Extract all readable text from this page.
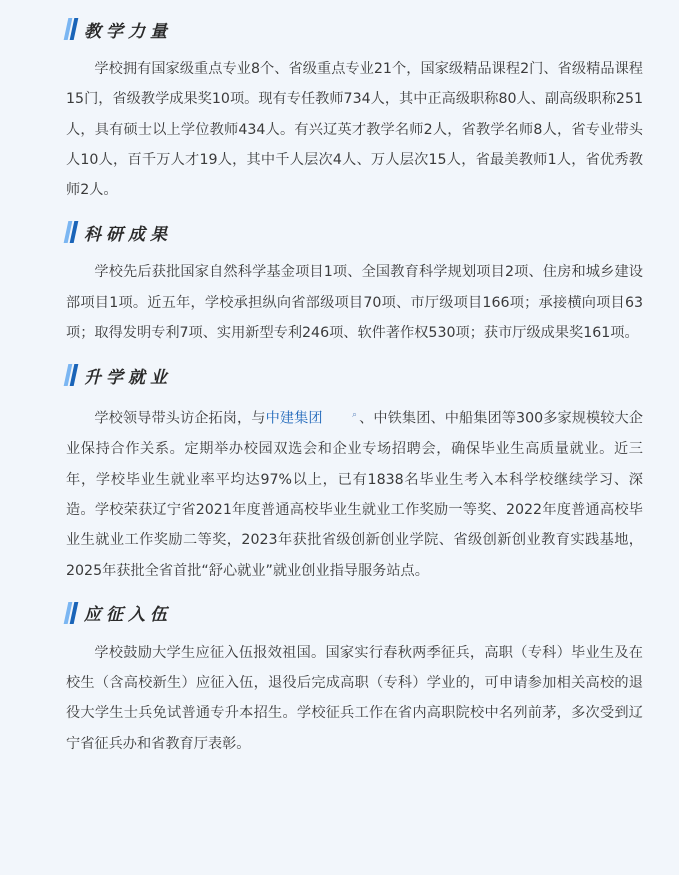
教学力量

学校拥有国家级重点专业8个、省级重点专业21个，国家级精品课程2门、省级精品课程15门，省级教学成果奖10项。现有专任教师734人，其中正高级职称80人、副高级职称251人，具有硕士以上学位教师434人。有兴辽英才教学名师2人，省教学名师8人，省专业带头人10人，百千万人才19人，其中千人层次4人、万人层次15人，省最美教师1人，省优秀教师2人。

科研成果

学校先后获批国家自然科学基金项目1项、全国教育科学规划项目2项、住房和城乡建设部项目1项。近五年，学校承担纵向省部级项目70项、市厅级项目166项；承接横向项目63项；取得发明专利7项、实用新型专利246项、软件著作权530项；获市厅级成果奖161项。

升学就业

学校领导带头访企拓岗，与中建集团	⌕ 、中铁集团、中船集团等300多家规模较大企业保持合作关系。定期举办校园双选会和企业专场招聘会，确保毕业生高质量就业。近三年，学校毕业生就业率平均达97%以上，已有1838名毕业生考入本科学校继续学习、深造。学校荣获辽宁省2021年度普通高校毕业生就业工作奖励一等奖、2022年度普通高校毕业生就业工作奖励二等奖，2023年获批省级创新创业学院、省级创新创业教育实践基地，2025年获批全省首批“舒心就业”就业创业指导服务站点。

应征入伍

学校鼓励大学生应征入伍报效祖国。国家实行春秋两季征兵，高职（专科）毕业生及在校生（含高校新生）应征入伍，退役后完成高职（专科）学业的，可申请参加相关高校的退役大学生士兵免试普通专升本招生。学校征兵工作在省内高职院校中名列前茅，多次受到辽宁省征兵办和省教育厅表彰。
